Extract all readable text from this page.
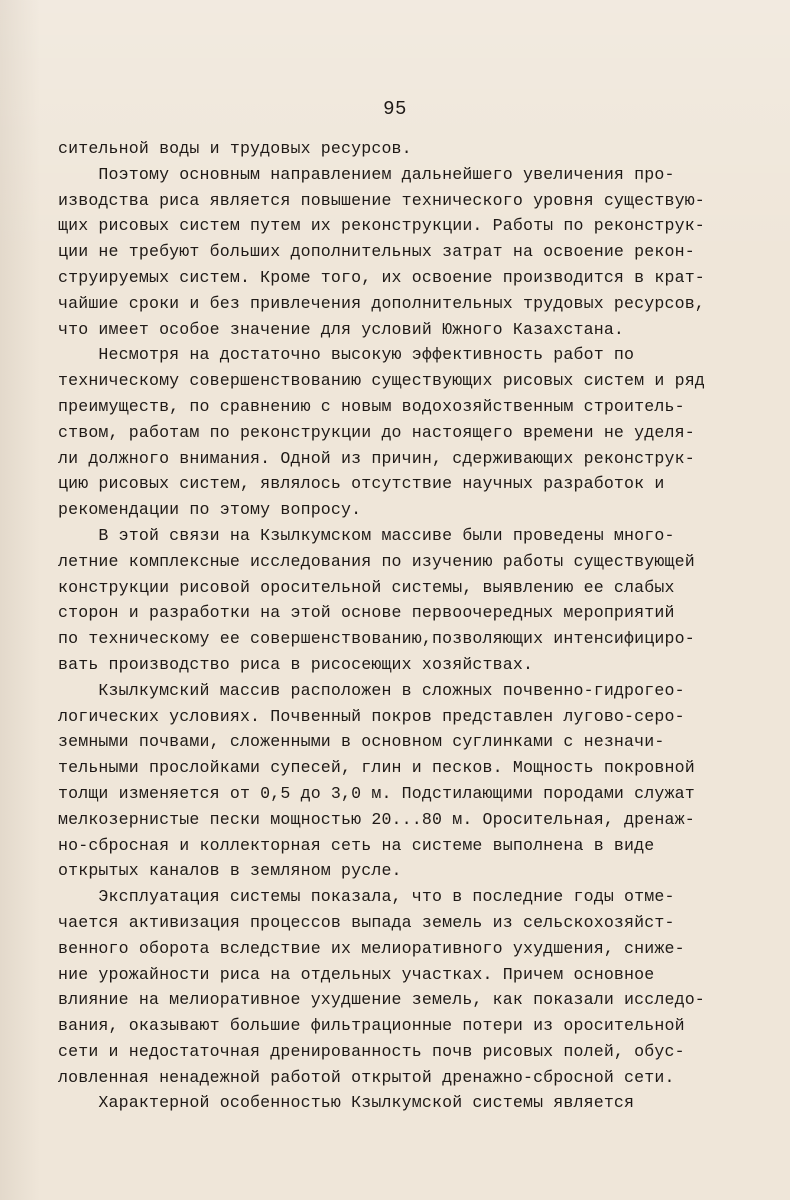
95
сительной воды и трудовых ресурсов.
Поэтому основным направлением дальнейшего увеличения про-
изводства риса является повышение технического уровня существую-
щих рисовых систем путем их реконструкции. Работы по реконструк-
ции не требуют больших дополнительных затрат на освоение рекон-
струируемых систем. Кроме того, их освоение производится в крат-
чайшие сроки и без привлечения дополнительных трудовых ресурсов,
что имеет особое значение для условий Южного Казахстана.
Несмотря на достаточно высокую эффективность работ по
техническому совершенствованию существующих рисовых систем и ряд
преимуществ, по сравнению с новым водохозяйственным строитель-
ством, работам по реконструкции до настоящего времени не уделя-
ли должного внимания. Одной из причин, сдерживающих реконструк-
цию рисовых систем, являлось отсутствие научных разработок и
рекомендации по этому вопросу.
В этой связи на Кзылкумском массиве были проведены много-
летние комплексные исследования по изучению работы существующей
конструкции рисовой оросительной системы, выявлению ее слабых
сторон и разработки на этой основе первоочередных мероприятий
по техническому ее совершенствованию,позволяющих интенсифициро-
вать производство риса в рисосеющих хозяйствах.
Кзылкумский массив расположен в сложных почвенно-гидрогео-
логических условиях. Почвенный покров представлен лугово-серо-
земными почвами, сложенными в основном суглинками с незначи-
тельными прослойками супесей, глин и песков. Мощность покровной
толщи изменяется от 0,5 до 3,0 м. Подстилающими породами служат
мелкозернистые пески мощностью 20...80 м. Оросительная, дренаж-
но-сбросная и коллекторная сеть на системе выполнена в виде
открытых каналов в земляном русле.
Эксплуатация системы показала, что в последние годы отме-
чается активизация процессов выпада земель из сельскохозяйст-
венного оборота вследствие их мелиоративного ухудшения, сниже-
ние урожайности риса на отдельных участках. Причем основное
влияние на мелиоративное ухудшение земель, как показали исследо-
вания, оказывают большие фильтрационные потери из оросительной
сети и недостаточная дренированность почв рисовых полей, обус-
ловленная ненадежной работой открытой дренажно-сбросной сети.
Характерной особенностью Кзылкумской системы является
